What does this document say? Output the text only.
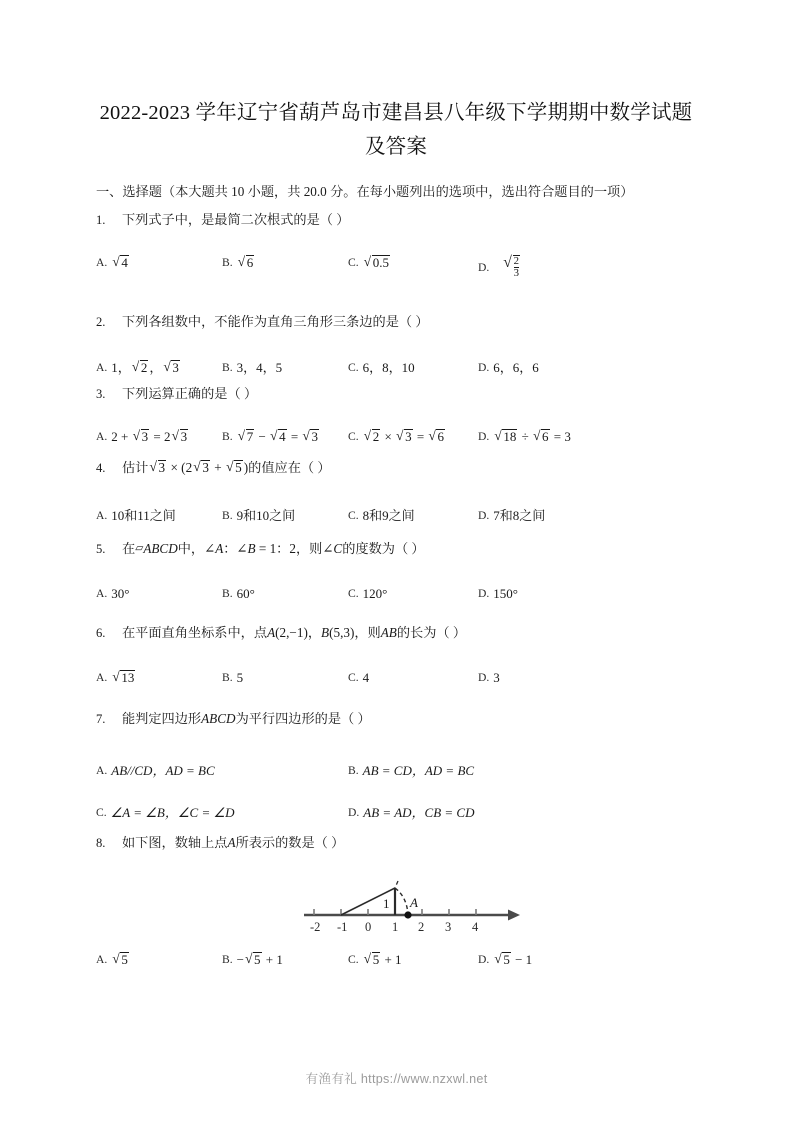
2022-2023 学年辽宁省葫芦岛市建昌县八年级下学期期中数学试题
及答案
一、选择题（本大题共 10 小题，共 20.0 分。在每小题列出的选项中，选出符合题目的一项）
1. 下列式子中，是最简二次根式的是（ ）
A. √ 4	B. √ 6	C. √ 0.5	D. √ $\frac{2}{3}$
2. 下列各组数中，不能作为直角三角形三条边的是（ ）
A. 1， √ 2 ， √ 3	B. 3，4，5	C. 6，8，10	D. 6，6，6
3. 下列运算正确的是（ ）
A. 2 + √ 3 = 2 √ 3	B. √ 7 − √ 4 = √ 3	C. √ 2 × √ 3 = √ 6	D. √ 18 ÷ √ 6 = 3
4. 估计 √ 3 × (2 √ 3 + √ 5 )的值应在（ ）
A. 10和11之间	B. 9和10之间	C. 8和9之间	D. 7和8之间
5. 在▱ABCD中，∠A：∠B = 1：2，则∠C的度数为（ ）
A. 30°	B. 60°	C. 120°	D. 150°
6. 在平面直角坐标系中，点A(2,−1)，B(5,3)，则AB的长为（ ）
A. √ 13	B. 5	C. 4	D. 3
7. 能判定四边形ABCD为平行四边形的是（ ）
A. AB//CD，AD = BC	B. AB = CD，AD = BC
C. ∠A = ∠B，∠C = ∠D	D. AB = AD，CB = CD
8. 如下图，数轴上点A所表示的数是（ ）
-2 -1 0 1 2 3 4
1 A
A. √ 5	B. − √ 5 + 1	C. √ 5 + 1	D. √ 5 − 1
有渔有礼 https://www.nzxwl.net
